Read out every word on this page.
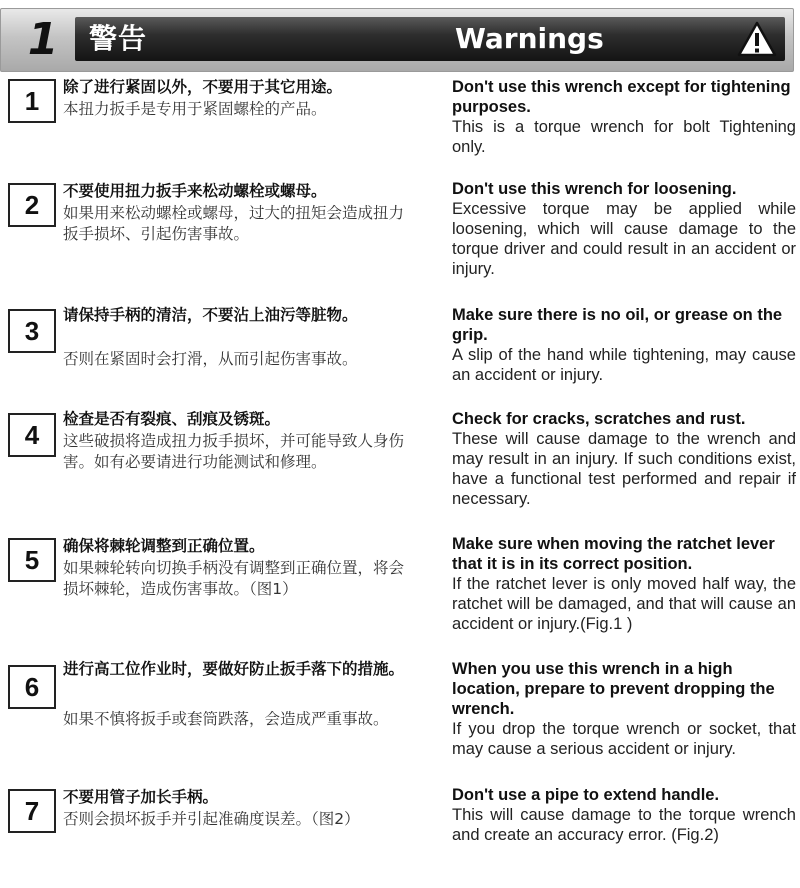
1	警告	Warnings
1	除了进行紧固以外，不要用于其它用途。
本扭力扳手是专用于紧固螺栓的产品。
Don't use this wrench except for tightening purposes.
This is a torque wrench for bolt Tightening only.
2	不要使用扭力扳手来松动螺栓或螺母。
如果用来松动螺栓或螺母，过大的扭矩会造成扭力扳手损坏、引起伤害事故。
Don't use this wrench for loosening.
Excessive torque may be applied while loosening, which will cause damage to the torque driver and could result in an accident or injury.
3
请保持手柄的清洁，不要沾上油污等脏物。
否则在紧固时会打滑，从而引起伤害事故。
Make sure there is no oil, or grease on the grip.
A slip of the hand while tightening, may cause an accident or injury.
4
检查是否有裂痕、刮痕及锈斑。
这些破损将造成扭力扳手损坏，并可能导致人身伤害。如有必要请进行功能测试和修理。
Check for cracks, scratches and rust.
These will cause damage to the wrench and may result in an injury. If such conditions exist, have a functional test performed and repair if necessary.
5	确保将棘轮调整到正确位置。
如果棘轮转向切换手柄没有调整到正确位置，将会损坏棘轮，造成伤害事故。（图1）
Make sure when moving the ratchet lever that it is in its correct position.
If the ratchet lever is only moved half way, the ratchet will be damaged, and that will cause an accident or injury.(Fig.1 )
6
进行高工位作业时，要做好防止扳手落下的措施。
如果不慎将扳手或套筒跌落，会造成严重事故。
When you use this wrench in a high location, prepare to prevent dropping the wrench.
If you drop the torque wrench or socket, that may cause a serious accident or injury.
7	不要用管子加长手柄。
否则会损坏扳手并引起准确度误差。（图2）
Don't use a pipe to extend handle.
This will cause damage to the torque wrench and create an accuracy error. (Fig.2)
